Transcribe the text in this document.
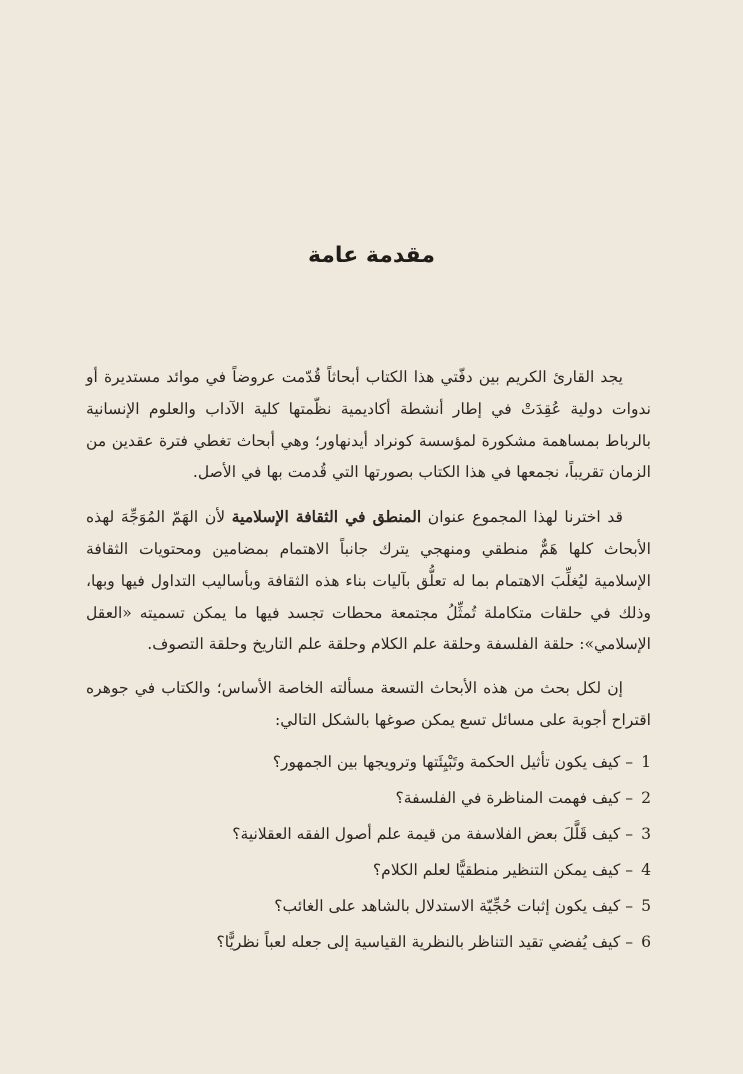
مقدمة عامة

يجد القارئ الكريم بين دفّتي هذا الكتاب أبحاثاً قُدّمت عروضاً في موائد مستديرة أو ندوات دولية عُقِدَتْ في إطار أنشطة أكاديمية نظّمتها كلية الآداب والعلوم الإنسانية بالرباط بمساهمة مشكورة لمؤسسة كونراد أيدنهاور؛ وهي أبحاث تغطي فترة عقدين من الزمان تقريباً، نجمعها في هذا الكتاب بصورتها التي قُدمت بها في الأصل.

قد اخترنا لهذا المجموع عنوان المنطق في الثقافة الإسلامية لأن الهَمّ المُوَجِّهَ لهذه الأبحاث كلها هَمٌّ منطقي ومنهجي يترك جانباً الاهتمام بمضامين ومحتويات الثقافة الإسلامية ليُغلِّبَ الاهتمام بما له تعلُّق بآليات بناء هذه الثقافة وبأساليب التداول فيها وبها، وذلك في حلقات متكاملة تُمثِّلُ مجتمعة محطات تجسد فيها ما يمكن تسميته «العقل الإسلامي»: حلقة الفلسفة وحلقة علم الكلام وحلقة علم التاريخ وحلقة التصوف.

إن لكل بحث من هذه الأبحاث التسعة مسألته الخاصة الأساس؛ والكتاب في جوهره اقتراح أجوبة على مسائل تسع يمكن صوغها بالشكل التالي:

1– كيف يكون تأثيل الحكمة وتَبْيِئَتها وترويجها بين الجمهور؟
2– كيف فهمت المناظرة في الفلسفة؟
3– كيف قَلَّلَ بعض الفلاسفة من قيمة علم أصول الفقه العقلانية؟
4– كيف يمكن التنظير منطقيًّا لعلم الكلام؟
5– كيف يكون إثبات حُجِّيّة الاستدلال بالشاهد على الغائب؟
6– كيف يُفضي تقيد التناظر بالنظرية القياسية إلى جعله لعباً نظريًّا؟
